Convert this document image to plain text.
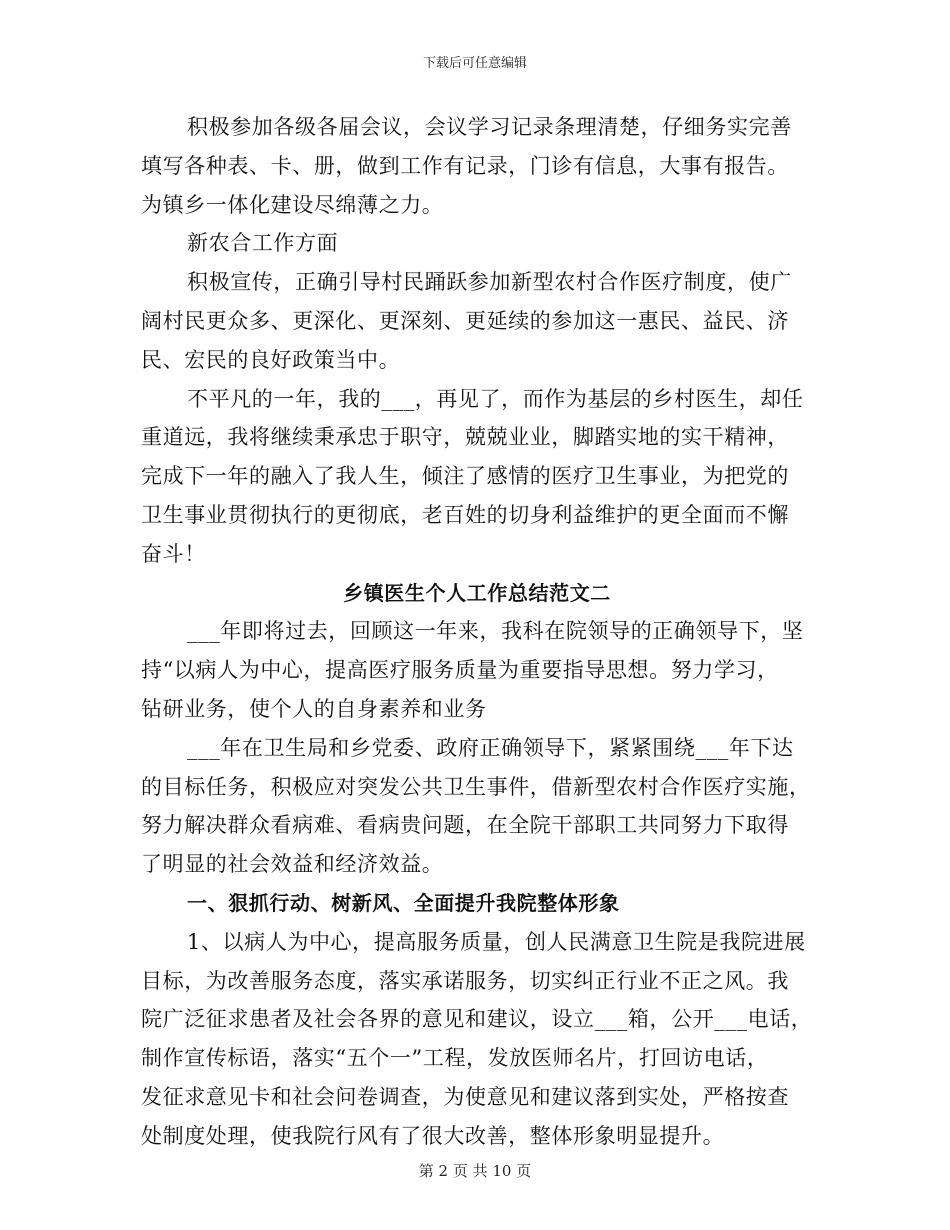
下载后可任意编辑
积极参加各级各届会议，会议学习记录条理清楚，仔细务实完善
填写各种表、卡、册，做到工作有记录，门诊有信息，大事有报告。
为镇乡一体化建设尽绵薄之力。
新农合工作方面
积极宣传，正确引导村民踊跃参加新型农村合作医疗制度，使广
阔村民更众多、更深化、更深刻、更延续的参加这一惠民、益民、济
民、宏民的良好政策当中。
不平凡的一年，我的___，再见了，而作为基层的乡村医生，却任
重道远，我将继续秉承忠于职守，兢兢业业，脚踏实地的实干精神，
完成下一年的融入了我人生，倾注了感情的医疗卫生事业，为把党的
卫生事业贯彻执行的更彻底，老百姓的切身利益维护的更全面而不懈
奋斗！
乡镇医生个人工作总结范文二
___年即将过去，回顾这一年来，我科在院领导的正确领导下，坚
持“以病人为中心，提高医疗服务质量为重要指导思想。努力学习，
钻研业务，使个人的自身素养和业务
___年在卫生局和乡党委、政府正确领导下，紧紧围绕___年下达
的目标任务，积极应对突发公共卫生事件，借新型农村合作医疗实施，
努力解决群众看病难、看病贵问题，在全院干部职工共同努力下取得
了明显的社会效益和经济效益。
一、狠抓行动、树新风、全面提升我院整体形象
1、以病人为中心，提高服务质量，创人民满意卫生院是我院进展
目标，为改善服务态度，落实承诺服务，切实纠正行业不正之风。我
院广泛征求患者及社会各界的意见和建议，设立___箱，公开___电话，
制作宣传标语，落实“五个一”工程，发放医师名片，打回访电话，
发征求意见卡和社会问卷调查，为使意见和建议落到实处，严格按查
处制度处理，使我院行风有了很大改善，整体形象明显提升。
第 2 页 共 10 页
